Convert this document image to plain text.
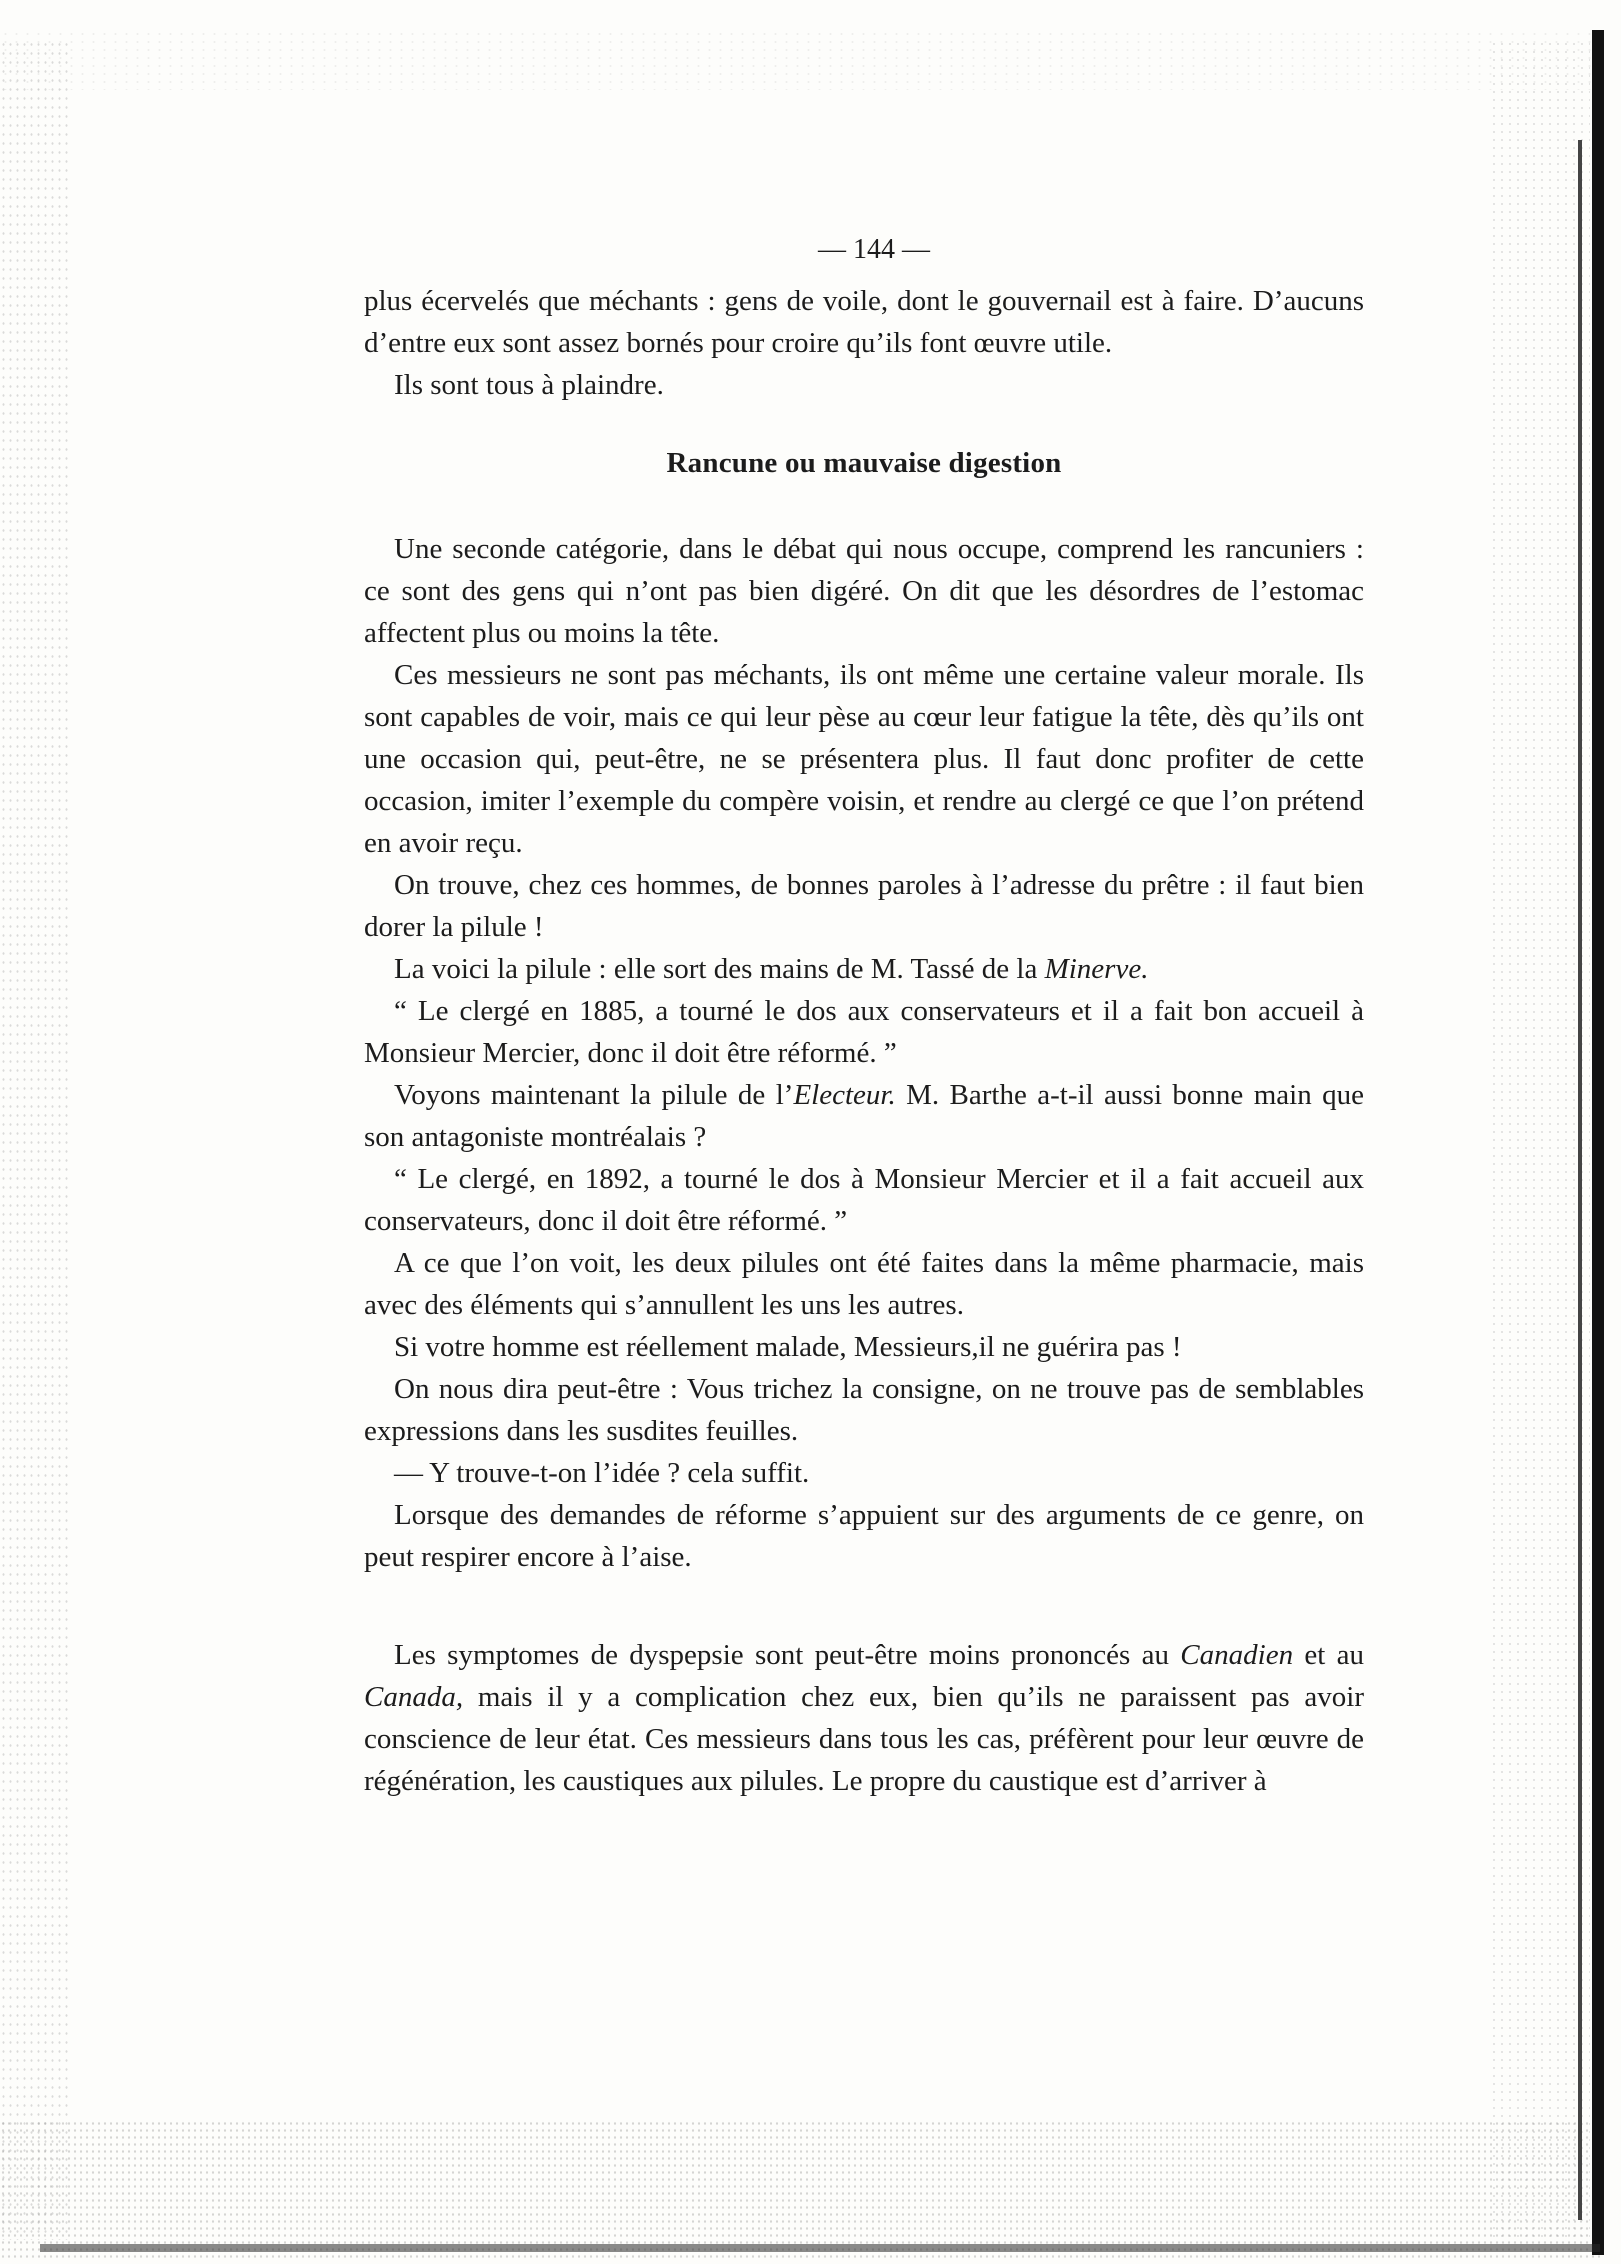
— 144 —

plus écervelés que méchants : gens de voile, dont le gouvernail est à faire. D’aucuns d’entre eux sont assez bornés pour croire qu’ils font œuvre utile.

Ils sont tous à plaindre.

Rancune ou mauvaise digestion

Une seconde catégorie, dans le débat qui nous occupe, comprend les rancuniers : ce sont des gens qui n’ont pas bien digéré. On dit que les désordres de l’estomac affectent plus ou moins la tête.

Ces messieurs ne sont pas méchants, ils ont même une certaine valeur morale. Ils sont capables de voir, mais ce qui leur pèse au cœur leur fatigue la tête, dès qu’ils ont une occasion qui, peut-être, ne se présentera plus. Il faut donc profiter de cette occasion, imiter l’exemple du compère voisin, et rendre au clergé ce que l’on prétend en avoir reçu.

On trouve, chez ces hommes, de bonnes paroles à l’adresse du prêtre : il faut bien dorer la pilule !

La voici la pilule : elle sort des mains de M. Tassé de la Minerve.

“ Le clergé en 1885, a tourné le dos aux conservateurs et il a fait bon accueil à Monsieur Mercier, donc il doit être réformé. ”

Voyons maintenant la pilule de l’Electeur. M. Barthe a-t-il aussi bonne main que son antagoniste montréalais ?

“ Le clergé, en 1892, a tourné le dos à Monsieur Mercier et il a fait accueil aux conservateurs, donc il doit être réformé. ”

A ce que l’on voit, les deux pilules ont été faites dans la même pharmacie, mais avec des éléments qui s’annullent les uns les autres.

Si votre homme est réellement malade, Messieurs,il ne guérira pas !

On nous dira peut-être : Vous trichez la consigne, on ne trouve pas de semblables expressions dans les susdites feuilles.

— Y trouve-t-on l’idée ? cela suffit.

Lorsque des demandes de réforme s’appuient sur des arguments de ce genre, on peut respirer encore à l’aise.

Les symptomes de dyspepsie sont peut-être moins prononcés au Canadien et au Canada, mais il y a complication chez eux, bien qu’ils ne paraissent pas avoir conscience de leur état. Ces messieurs dans tous les cas, préfèrent pour leur œuvre de régénération, les caustiques aux pilules. Le propre du caustique est d’arriver à
